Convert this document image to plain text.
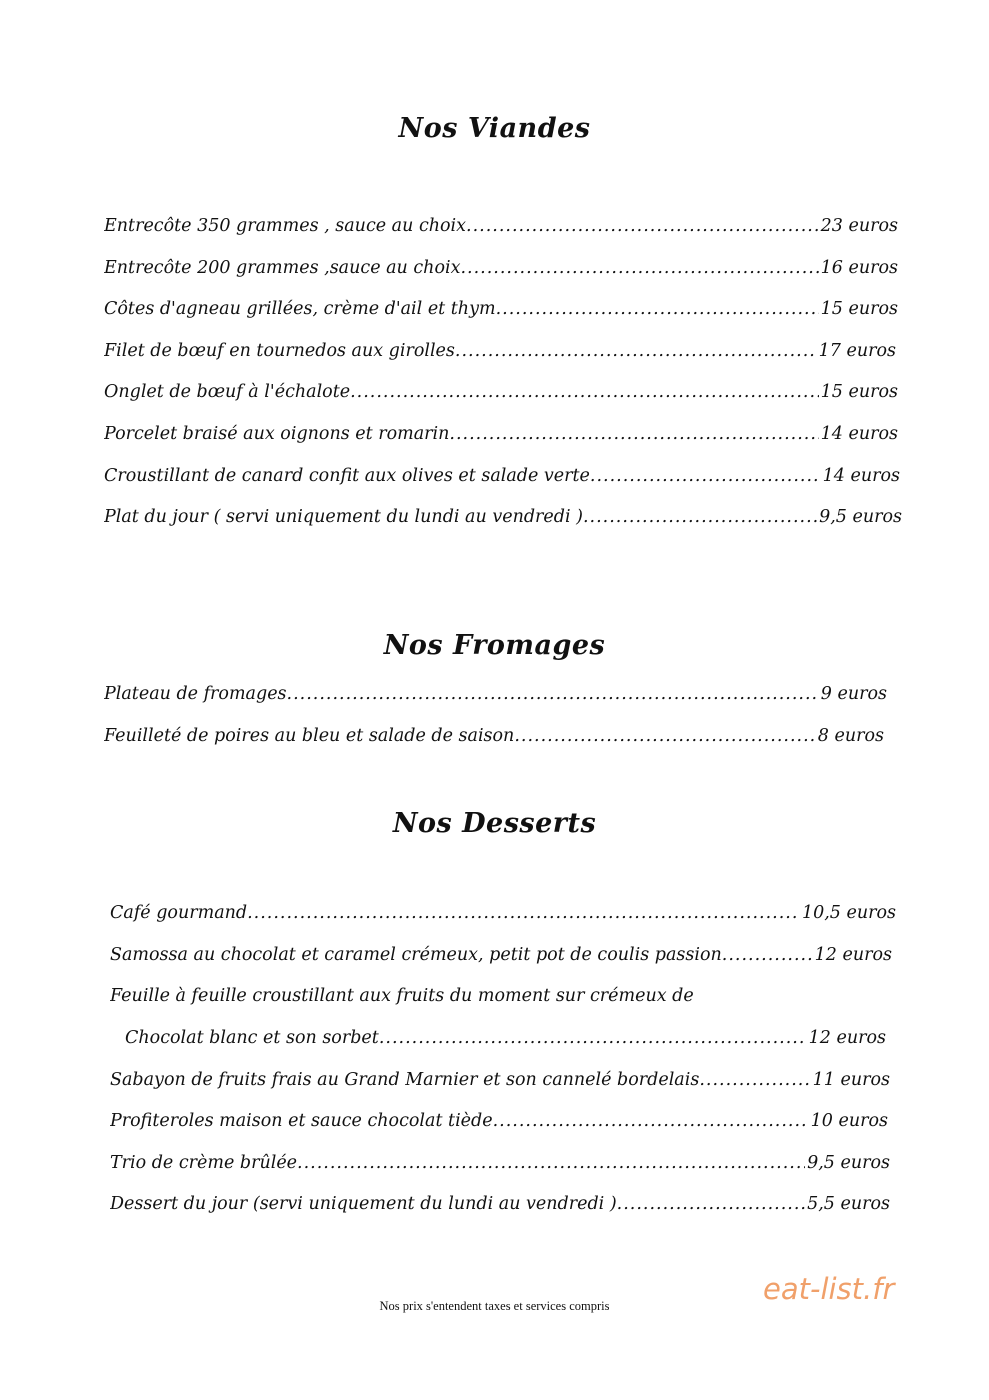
Nos Viandes
Entrecôte 350 grammes , sauce au choix .....	23 euros
Entrecôte 200 grammes ,sauce au choix .....	16 euros
Côtes d'agneau grillées, crème d'ail et thym .....	15 euros
Filet de bœuf en tournedos aux girolles .....	17 euros
Onglet de bœuf à l'échalote .....	15 euros
Porcelet braisé aux oignons et romarin .....	14 euros
Croustillant de canard confit aux olives et salade verte .....	14 euros
Plat du jour ( servi uniquement du lundi au vendredi ) .....	9,5 euros
Nos Fromages
Plateau de fromages .....	9 euros
Feuilleté de poires au bleu et salade de saison .....	8 euros
Nos Desserts
Café gourmand .....	10,5 euros
Samossa au chocolat et caramel crémeux, petit pot de coulis passion .....	12 euros
Feuille à feuille croustillant aux fruits du moment sur crémeux de
Chocolat blanc et son sorbet .....	12 euros
Sabayon de fruits frais au Grand Marnier et son cannelé bordelais .....	11 euros
Profiteroles maison et sauce chocolat tiède .....	10 euros
Trio de crème brûlée .....	9,5 euros
Dessert du jour (servi uniquement du lundi au vendredi ) .....	5,5 euros
Nos prix s'entendent taxes et services compris	eat-list.fr
